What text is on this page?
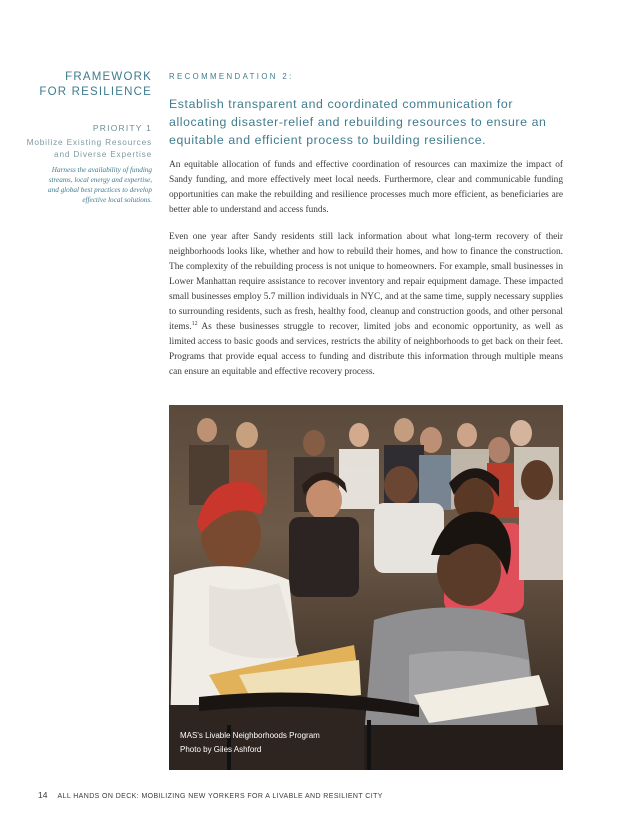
FRAMEWORK
FOR RESILIENCE
PRIORITY 1
Mobilize Existing Resources
and Diverse Expertise
Harness the availability of funding
streams, local energy and expertise,
and global best practices to develop
effective local solutions.
RECOMMENDATION 2:
Establish transparent and coordinated communication for
allocating disaster-relief and rebuilding resources to ensure an
equitable and efficient process to building resilience.

An equitable allocation of funds and effective coordination of resources can maximize the impact of Sandy funding, and more effectively meet local needs. Furthermore, clear and communicable funding opportunities can make the rebuilding and resilience processes much more efficient, as beneficiaries are better able to understand and access funds.

Even one year after Sandy residents still lack information about what long-term recovery of their neighborhoods looks like, whether and how to rebuild their homes, and how to finance the construction. The complexity of the rebuilding process is not unique to homeowners. For example, small businesses in Lower Manhattan require assistance to recover inventory and repair equipment damage. These impacted small businesses employ 5.7 million individuals in NYC, and at the same time, supply necessary supplies to surrounding residents, such as fresh, healthy food, cleanup and construction goods, and other personal items.$^{12}$ As these businesses struggle to recover, limited jobs and economic opportunity, as well as limited access to basic goods and services, restricts the ability of neighborhoods to get back on their feet. Programs that provide equal access to funding and distribute this information through multiple means can ensure an equitable and effective recovery process.

MAS's Livable Neighborhoods Program
Photo by Giles Ashford
14 ALL HANDS ON DECK: MOBILIZING NEW YORKERS FOR A LIVABLE AND RESILIENT CITY
